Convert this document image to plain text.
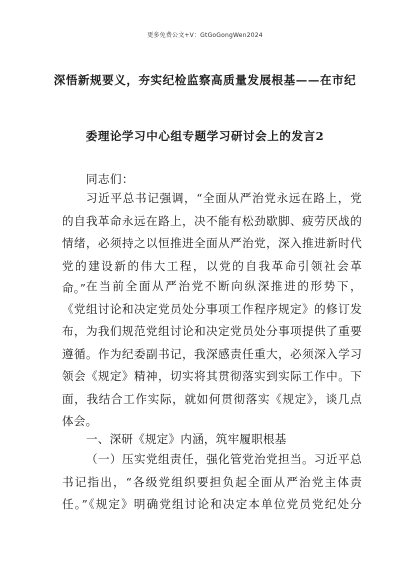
更多免费公文+V：GtGoGongWen2024
深悟新规要义，夯实纪检监察高质量发展根基——在市纪
委理论学习中心组专题学习研讨会上的发言2
同志们：
习近平总书记强调，“全面从严治党永远在路上，党
的自我革命永远在路上，决不能有松劲歇脚、疲劳厌战的
情绪，必须持之以恒推进全面从严治党，深入推进新时代
党的建设新的伟大工程，以党的自我革命引领社会革
命。” 在当前全面从严治党不断向纵深推进的形势下，
《党组讨论和决定党员处分事项工作程序规定》的修订发
布，为我们规范党组讨论和决定党员处分事项提供了重要
遵循。作为纪委副书记，我深感责任重大，必须深入学习
领会《规定》精神，切实将其贯彻落实到实际工作中。下
面，我结合工作实际，就如何贯彻落实《规定》，谈几点
体会。
一、深研《规定》内涵，筑牢履职根基
（一）压实党组责任，强化管党治党担当。习近平总
书记指出，“各级党组织要担负起全面从严治党主体责
任。”《规定》明确党组讨论和决定本单位党员党纪处分
